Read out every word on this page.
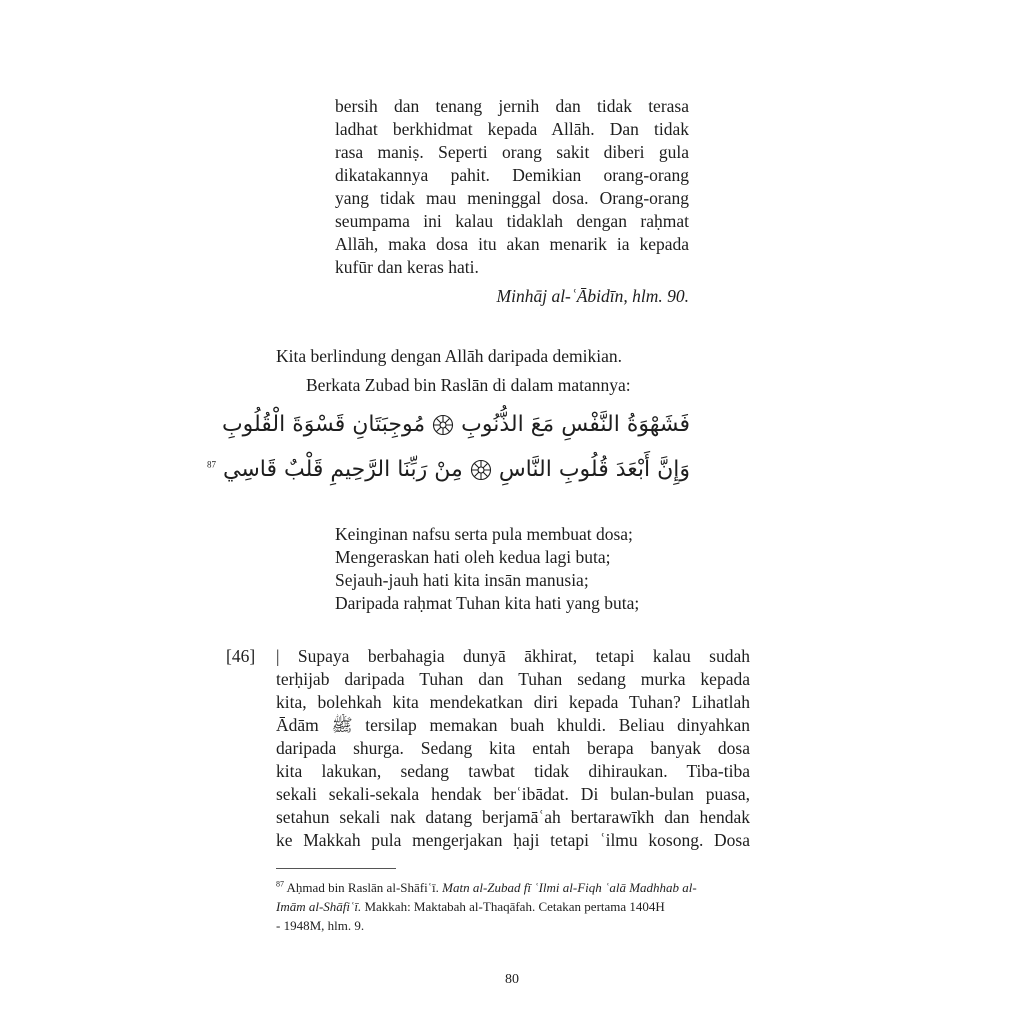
bersih dan tenang jernih dan tidak terasa
ladhat berkhidmat kepada Allāh. Dan tidak
rasa maniṣ. Seperti orang sakit diberi gula
dikatakannya pahit. Demikian orang-orang
yang tidak mau meninggal dosa. Orang-orang
seumpama ini kalau tidaklah dengan raḥmat
Allāh, maka dosa itu akan menarik ia kepada
kufūr dan keras hati.
Minhāj al-ʿĀbidīn, hlm. 90.
Kita berlindung dengan Allāh daripada demikian.
Berkata Zubad bin Raslān di dalam matannya:
فَشَهْوَةُ النَّفْسِ مَعَ الذُّنُوبِ  مُوجِبَتَانِ قَسْوَةَ الْقُلُوبِ
وَإِنَّ أَبْعَدَ قُلُوبِ النَّاسِ  مِنْ رَبِّنَا الرَّحِيمِ قَلْبٌ قَاسِي $^{87}$
Keinginan nafsu serta pula membuat dosa;
Mengeraskan hati oleh kedua lagi buta;
Sejauh-jauh hati kita insān manusia;
Daripada raḥmat Tuhan kita hati yang buta;
[46] | Supaya berbahagia dunyā ākhirat, tetapi kalau sudah
terḥijab daripada Tuhan dan Tuhan sedang murka kepada
kita, bolehkah kita mendekatkan diri kepada Tuhan? Lihatlah
Ādām ﷺ tersilap memakan buah khuldi. Beliau dinyahkan
daripada shurga. Sedang kita entah berapa banyak dosa
kita lakukan, sedang tawbat tidak dihiraukan. Tiba-tiba
sekali sekali-sekala hendak berʿibādat. Di bulan-bulan puasa,
setahun sekali nak datang berjamāʿah bertarawīkh dan hendak
ke Makkah pula mengerjakan ḥaji tetapi ʿilmu kosong. Dosa
$^{87}$ Aḥmad bin Raslān al-Shāfiʿī. Matn al-Zubad fī ʿIlmi al-Fiqh ʿalā Madhhab al-
Imām al-Shāfiʿī. Makkah: Maktabah al-Thaqāfah. Cetakan pertama 1404H
- 1948M, hlm. 9.
80
